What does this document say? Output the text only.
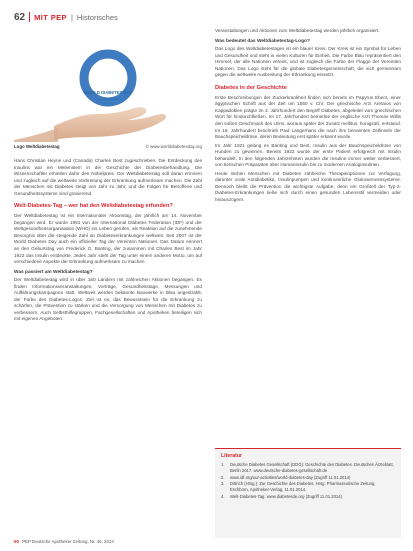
62 MIT PEP | Historisches
WORLD DIABETES DAY
14 NOVEMBER
Logo Weltdiabetestag	© www.worlddiabetesday.org

Hans Christian Heyne und (Canada) Charles Best zugeschrieben. Die Entdeckung des Insulins war ein Meilenstein in der Geschichte der Diabetesbehandlung. Die Wissenschaftler erhielten dafür den Nobelpreis. Der Weltdiabetestag soll daran erinnern und zugleich auf die weltweite Verbreitung der Erkrankung aufmerksam machen. Die Zahl der Menschen mit Diabetes steigt von Jahr zu Jahr, und die Folgen für Betroffene und Gesundheitssysteme sind gravierend.

Welt-Diabetes-Tag – wer hat den Weltdiabetestag erfunden?

Der Weltdiabetestag ist ein internationaler Aktionstag, der jährlich am 14. November begangen wird. Er wurde 1991 von der International Diabetes Federation (IDF) und der Weltgesundheitsorganisation (WHO) ins Leben gerufen, als Reaktion auf die zunehmende Besorgnis über die steigende Zahl an Diabeteserkrankungen weltweit. Seit 2007 ist der World Diabetes Day auch ein offizieller Tag der Vereinten Nationen. Das Datum erinnert an den Geburtstag von Frederick G. Banting, der zusammen mit Charles Best im Jahr 1922 das Insulin entdeckte. Jedes Jahr steht der Tag unter einem anderen Motto, um auf verschiedene Aspekte der Erkrankung aufmerksam zu machen.

Was passiert am Weltdiabetestag?

Der Weltdiabetestag wird in über 160 Ländern mit zahlreichen Aktionen begangen. Es finden Informationsveranstaltungen, Vorträge, Gesundheitstage, Messungen und Aufklärungskampagnen statt. Weltweit werden bekannte Bauwerke in Blau angestrahlt, der Farbe des Diabetes-Logos. Ziel ist es, das Bewusstsein für die Erkrankung zu schärfen, die Prävention zu stärken und die Versorgung von Menschen mit Diabetes zu verbessern. Auch Selbsthilfegruppen, Fachgesellschaften und Apotheken beteiligen sich mit eigenen Angeboten.

Veranstaltungen und Aktionen zum Weltdiabetestag werden jährlich organisiert.

Was bedeutet das Weltdiabetestag-Logo?

Das Logo des Weltdiabetestages ist ein blauer Kreis. Der Kreis ist ein Symbol für Leben und Gesundheit und steht in vielen Kulturen für Einheit. Die Farbe Blau repräsentiert den Himmel, der alle Nationen vereint, und ist zugleich die Farbe der Flagge der Vereinten Nationen. Das Logo steht für die globale Diabetesgemeinschaft, die sich gemeinsam gegen die weltweite Ausbreitung der Erkrankung einsetzt.

Diabetes in der Geschichte

Erste Beschreibungen der Zuckerkrankheit finden sich bereits im Papyrus Ebers, einer ägyptischen Schrift aus der Zeit um 1550 v. Chr. Der griechische Arzt Aretaios von Kappadokien prägte im 2. Jahrhundert den Begriff Diabetes, abgeleitet vom griechischen Wort für hindurchfließen. Im 17. Jahrhundert bemerkte der englische Arzt Thomas Willis den süßen Geschmack des Urins, woraus später der Zusatz mellitus, honigsüß, entstand. Im 19. Jahrhundert beschrieb Paul Langerhans die nach ihm benannten Zellinseln der Bauchspeicheldrüse, deren Bedeutung erst später erkannt wurde.

Im Jahr 1921 gelang es Banting und Best, Insulin aus der Bauchspeicheldrüse von Hunden zu gewinnen. Bereits 1922 wurde der erste Patient erfolgreich mit Insulin behandelt. In den folgenden Jahrzehnten wurden die Insuline immer weiter verbessert, von tierischen Präparaten über Humaninsulin bis zu modernen Analoginsulinen.

Heute stehen Menschen mit Diabetes zahlreiche Therapieoptionen zur Verfügung, darunter orale Antidiabetika, Insulinpumpen und kontinuierliche Glukosemesssysteme. Dennoch bleibt die Prävention die wichtigste Aufgabe, denn ein Großteil der Typ-2-Diabetes-Erkrankungen ließe sich durch einen gesunden Lebensstil vermeiden oder hinauszögern.

Literatur
1.	Deutsche Diabetes Gesellschaft (DDG): Geschichte des Diabetes. Deutsches Ärzteblatt, Berlin 2017. www.deutsche-diabetes-gesellschaft.de
2.	www.idf.org/our-activities/world-diabetes-day (Zugriff 11.01.2014)
3.	Dittrich (Hrsg.): Zur Geschichte des Diabetes. Hrsg. Pharmazeutische Zeitung, Eschborn, Apotheker-Verlag, 11.01.2014.
4.	Welt-Diabetes-Tag. www.diabetesde.org (Zugriff 11.01.2014)
50 PEP Deutsche Apotheker Zeitung, Nr. 46, 2014
